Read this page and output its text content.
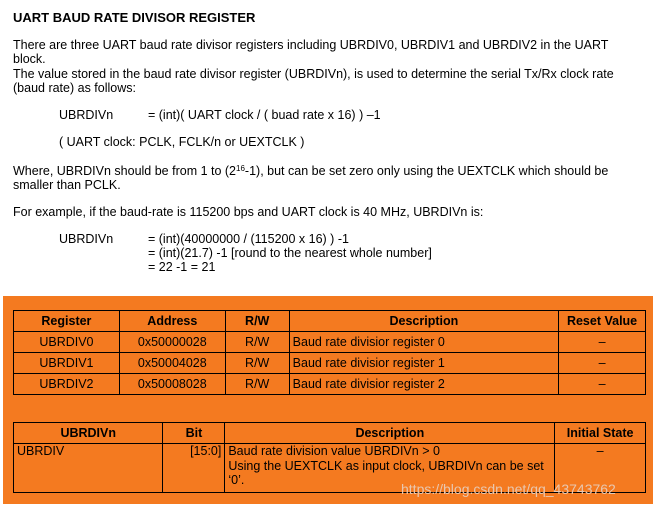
UART BAUD RATE DIVISOR REGISTER
There are three UART baud rate divisor registers including UBRDIV0, UBRDIV1 and UBRDIV2 in the UART
block.
The value stored in the baud rate divisor register (UBRDIVn), is used to determine the serial Tx/Rx clock rate
(baud rate) as follows:
UBRDIVn	= (int)( UART clock / ( buad rate x 16) ) –1
( UART clock: PCLK, FCLK/n or UEXTCLK )
Where, UBRDIVn should be from 1 to $(2^{16}-1)$, but can be set zero only using the UEXTCLK which should be
smaller than PCLK.
For example, if the baud-rate is 115200 bps and UART clock is 40 MHz, UBRDIVn is:
UBRDIVn	= (int)(40000000 / (115200 x 16) ) -1
= (int)(21.7) -1 [round to the nearest whole number]
= 22 -1 = 21
Register	Address	R/W	Description	Reset Value
UBRDIV0	0x50000028	R/W	Baud rate divisior register 0	–
UBRDIV1	0x50004028	R/W	Baud rate divisior register 1	–
UBRDIV2	0x50008028	R/W	Baud rate divisior register 2	–
UBRDIVn	Bit	Description	Initial State
UBRDIV	[15:0]	Baud rate division value UBRDIVn > 0
Using the UEXTCLK as input clock, UBRDIVn can be set
‘0’.	–
https://blog.csdn.net/qq_43743762
